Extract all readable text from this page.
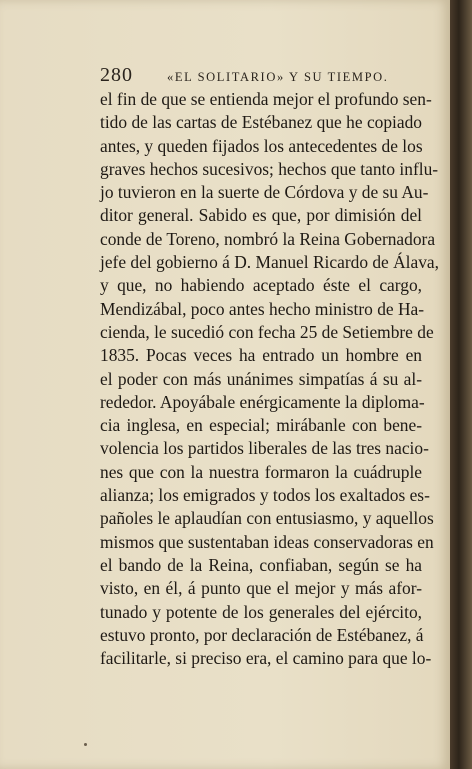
280	«EL SOLITARIO» Y SU TIEMPO.
el fin de que se entienda mejor el profundo sen-
tido de las cartas de Estébanez que he copiado
antes, y queden fijados los antecedentes de los
graves hechos sucesivos; hechos que tanto influ-
jo tuvieron en la suerte de Córdova y de su Au-
ditor general. Sabido es que, por dimisión del
conde de Toreno, nombró la Reina Gobernadora
jefe del gobierno á D. Manuel Ricardo de Álava,
y que, no habiendo aceptado éste el cargo,
Mendizábal, poco antes hecho ministro de Ha-
cienda, le sucedió con fecha 25 de Setiembre de
1835. Pocas veces ha entrado un hombre en
el poder con más unánimes simpatías á su al-
rededor. Apoyábale enérgicamente la diploma-
cia inglesa, en especial; mirábanle con bene-
volencia los partidos liberales de las tres nacio-
nes que con la nuestra formaron la cuádruple
alianza; los emigrados y todos los exaltados es-
pañoles le aplaudían con entusiasmo, y aquellos
mismos que sustentaban ideas conservadoras en
el bando de la Reina, confiaban, según se ha
visto, en él, á punto que el mejor y más afor-
tunado y potente de los generales del ejército,
estuvo pronto, por declaración de Estébanez, á
facilitarle, si preciso era, el camino para que lo-
